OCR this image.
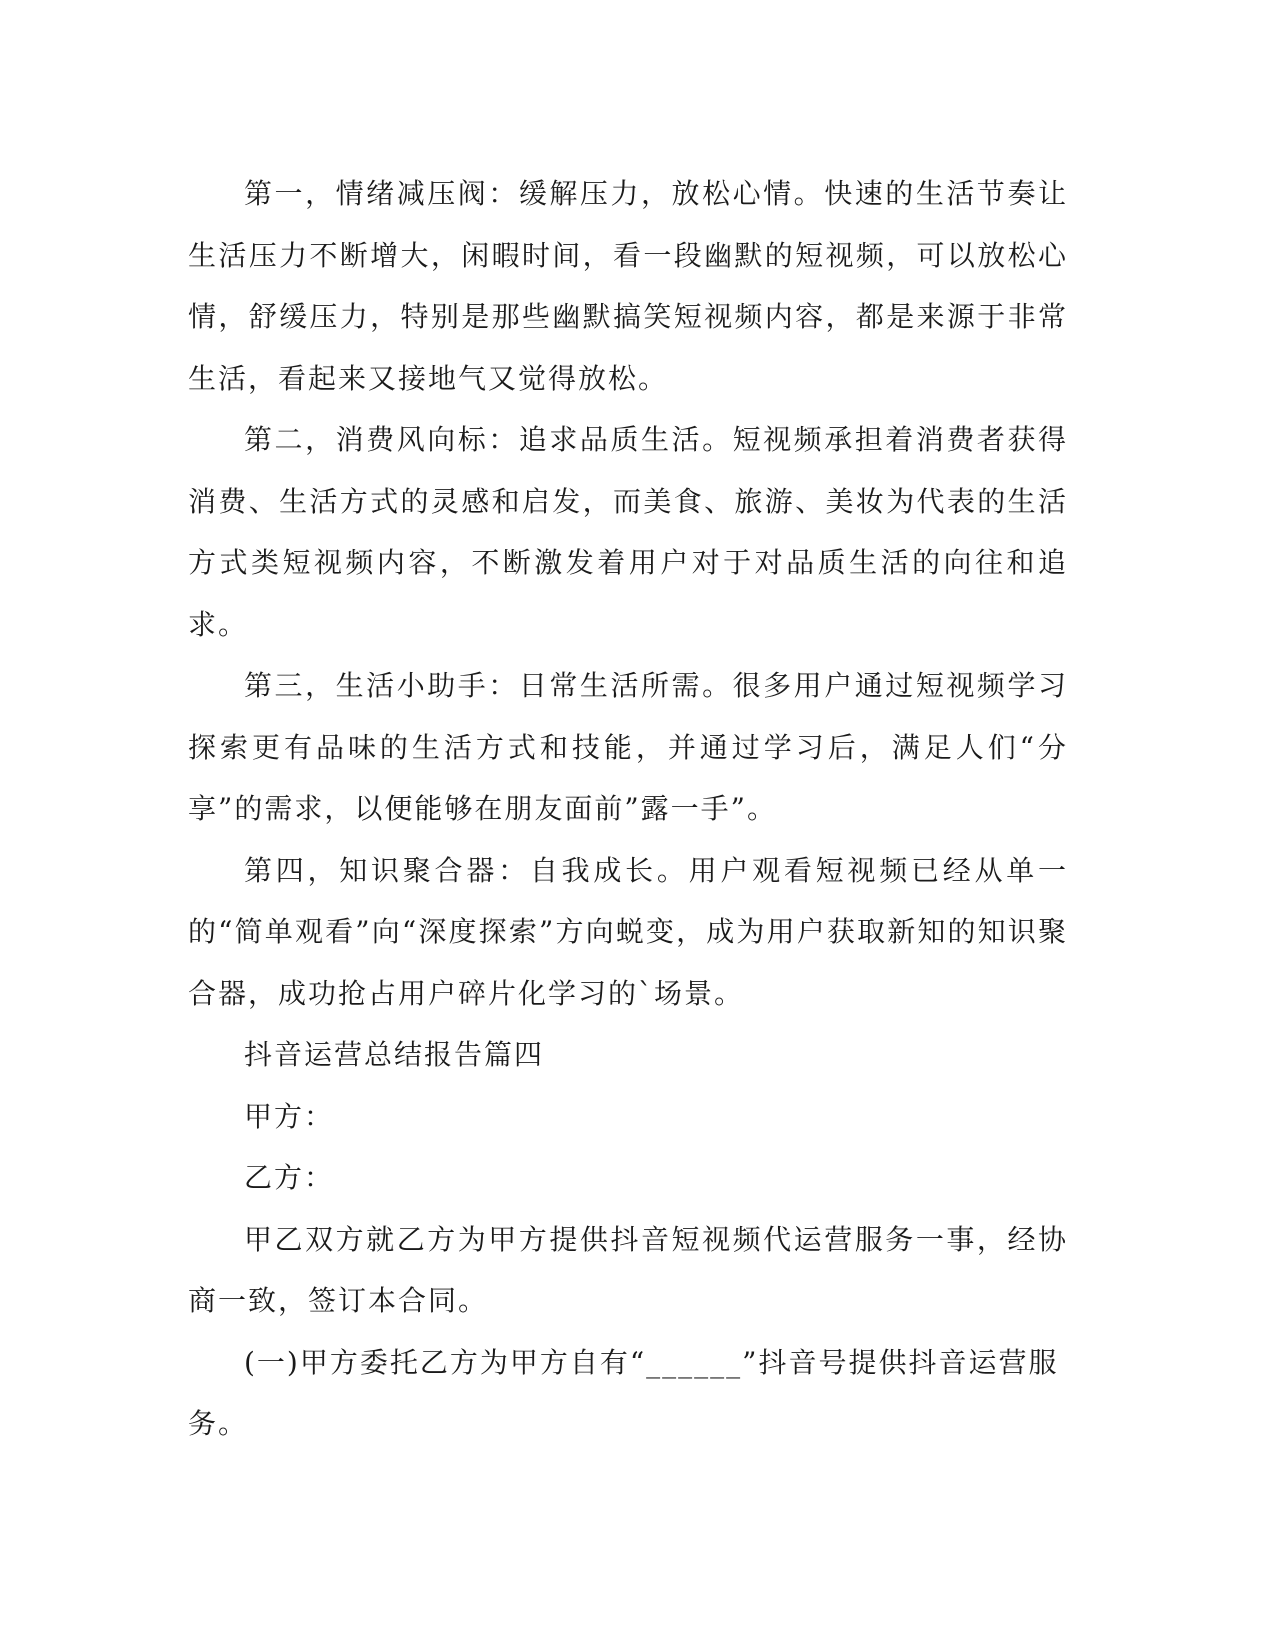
第一，情绪减压阀：缓解压力，放松心情。快速的生活节奏让生活压力不断增大，闲暇时间，看一段幽默的短视频，可以放松心情，舒缓压力，特别是那些幽默搞笑短视频内容，都是来源于非常生活，看起来又接地气又觉得放松。

第二，消费风向标：追求品质生活。短视频承担着消费者获得消费、生活方式的灵感和启发，而美食、旅游、美妆为代表的生活方式类短视频内容，不断激发着用户对于对品质生活的向往和追求。

第三，生活小助手：日常生活所需。很多用户通过短视频学习探索更有品味的生活方式和技能，并通过学习后，满足人们“分享”的需求，以便能够在朋友面前”露一手”。

第四，知识聚合器：自我成长。用户观看短视频已经从单一的“简单观看”向“深度探索”方向蜕变，成为用户获取新知的知识聚合器，成功抢占用户碎片化学习的`场景。

抖音运营总结报告篇四

甲方：

乙方：

甲乙双方就乙方为甲方提供抖音短视频代运营服务一事，经协商一致，签订本合同。

(一)甲方委托乙方为甲方自有“______”抖音号提供抖音运营服务。
